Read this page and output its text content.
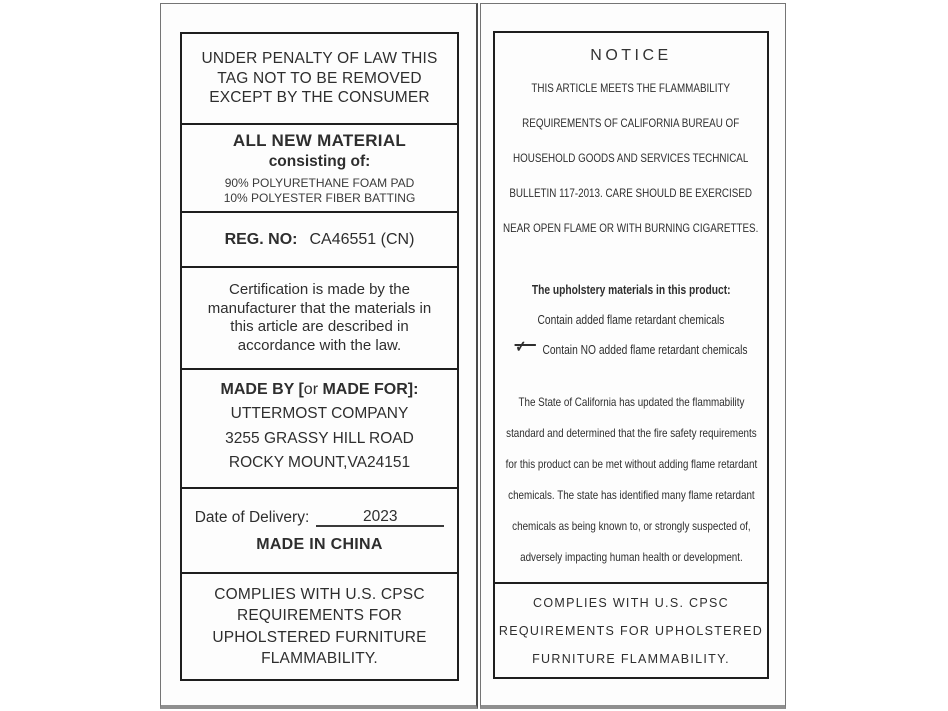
UNDER PENALTY OF LAW THIS

TAG NOT TO BE REMOVED

EXCEPT BY THE CONSUMER

ALL NEW MATERIAL

consisting of:

90% POLYURETHANE FOAM PAD

10% POLYESTER FIBER BATTING

REG. NO: CA46551 (CN)

Certification is made by the

manufacturer that the materials in

this article are described in

accordance with the law.

MADE BY [or MADE FOR]:

UTTERMOST COMPANY

3255 GRASSY HILL ROAD

ROCKY MOUNT,VA24151

Date of Delivery:	2023

MADE IN CHINA

COMPLIES WITH U.S. CPSC

REQUIREMENTS FOR

UPHOLSTERED FURNITURE

FLAMMABILITY.

NOTICE

THIS ARTICLE MEETS THE FLAMMABILITY

REQUIREMENTS OF CALIFORNIA BUREAU OF

HOUSEHOLD GOODS AND SERVICES TECHNICAL

BULLETIN 117-2013. CARE SHOULD BE EXERCISED

NEAR OPEN FLAME OR WITH BURNING CIGARETTES.

The upholstery materials in this product:

Contain added flame retardant chemicals

✓ Contain NO added flame retardant chemicals

The State of California has updated the flammability

standard and determined that the fire safety requirements

for this product can be met without adding flame retardant

chemicals. The state has identified many flame retardant

chemicals as being known to, or strongly suspected of,

adversely impacting human health or development.

COMPLIES WITH U.S. CPSC

REQUIREMENTS FOR UPHOLSTERED

FURNITURE FLAMMABILITY.
